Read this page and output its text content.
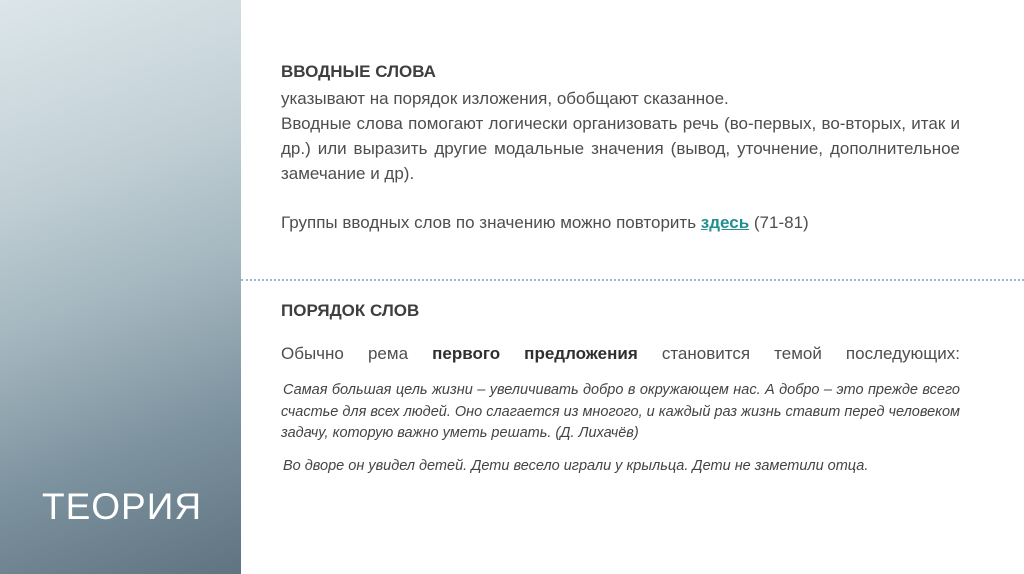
ТЕОРИЯ
ВВОДНЫЕ СЛОВА
указывают на порядок изложения, обобщают сказанное.
Вводные слова помогают логически организовать речь (во-первых, во-вторых, итак и др.) или выразить другие модальные значения (вывод, уточнение, дополнительное замечание и др).
Группы вводных слов по значению можно повторить здесь (71-81)
ПОРЯДОК СЛОВ
Обычно рема первого предложения становится темой последующих:
Самая большая цель жизни – увеличивать добро в окружающем нас. А добро – это прежде всего счастье для всех людей. Оно слагается из многого, и каждый раз жизнь ставит перед человеком задачу, которую важно уметь решать. (Д. Лихачёв)
Во дворе он увидел детей. Дети весело играли у крыльца. Дети не заметили отца.
